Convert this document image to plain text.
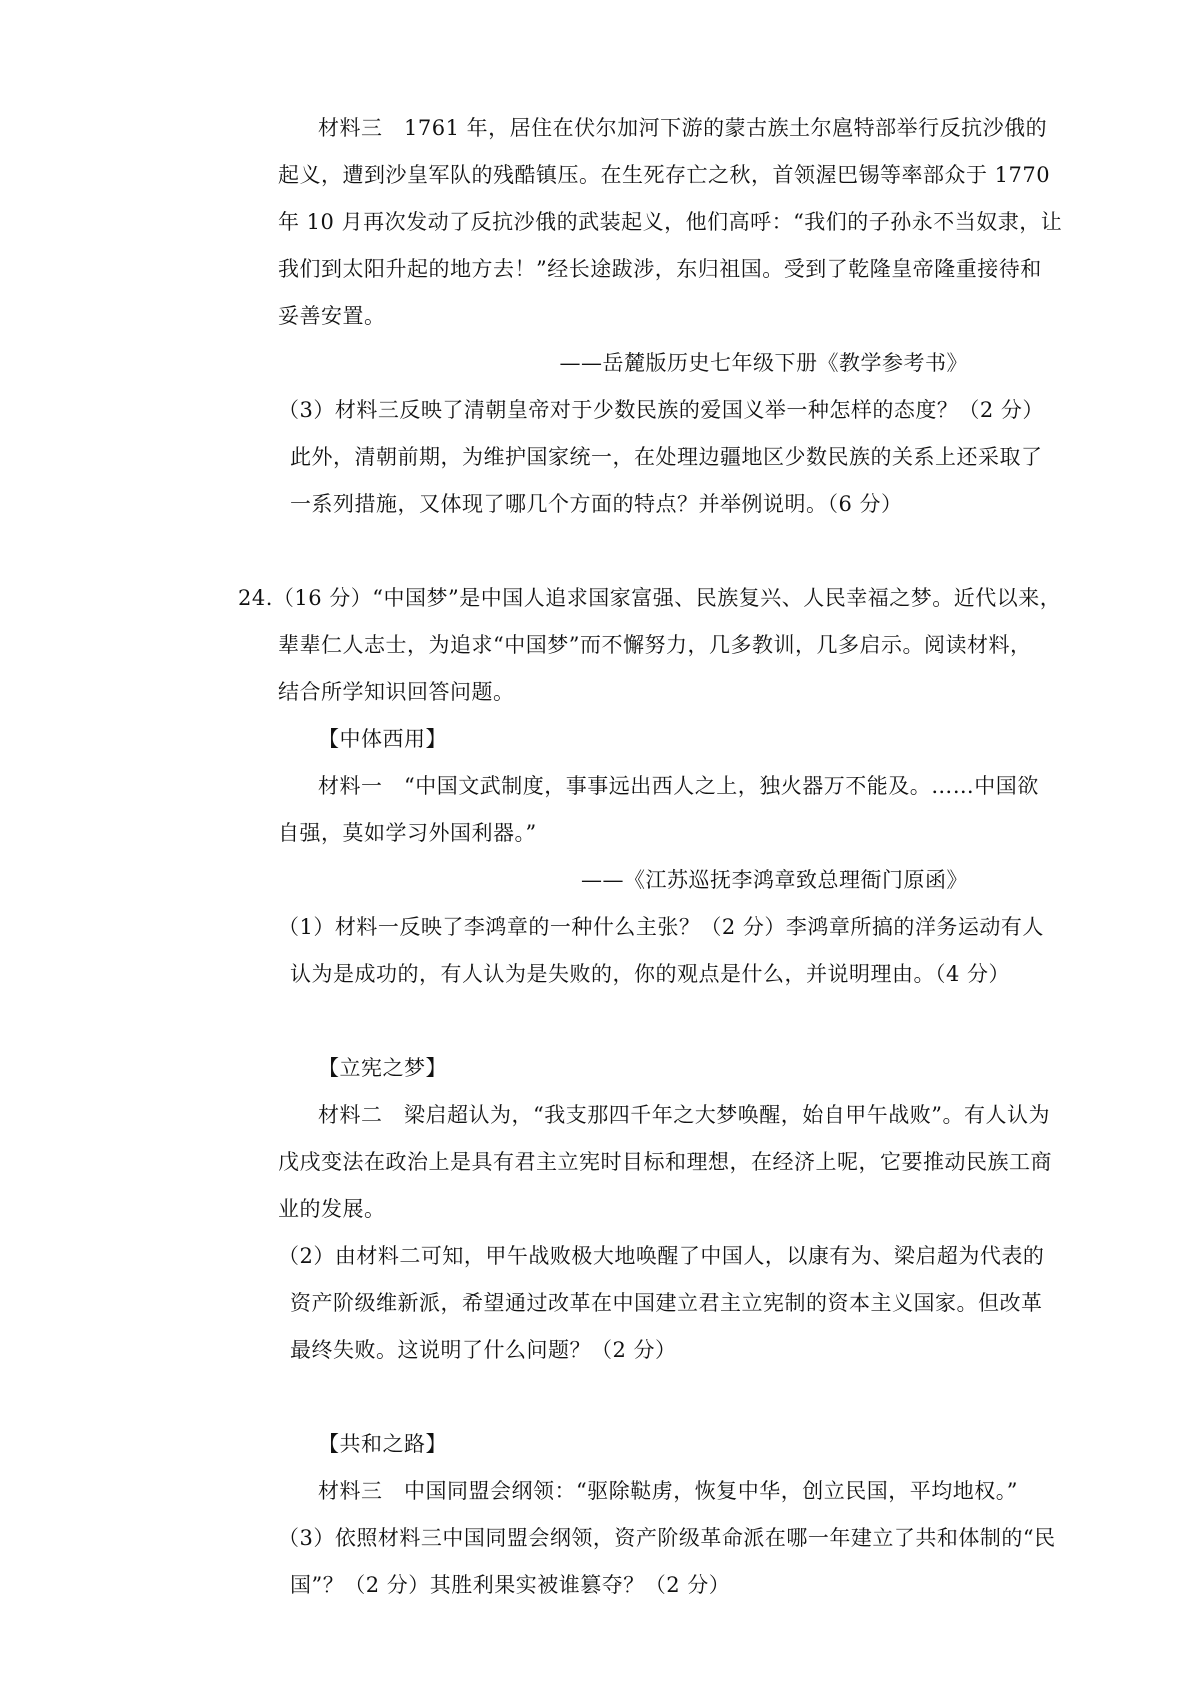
材料三　1761 年，居住在伏尔加河下游的蒙古族土尔扈特部举行反抗沙俄的
起义，遭到沙皇军队的残酷镇压。在生死存亡之秋，首领渥巴锡等率部众于 1770
年 10 月再次发动了反抗沙俄的武装起义，他们高呼：“我们的子孙永不当奴隶，让
我们到太阳升起的地方去！”经长途跋涉，东归祖国。受到了乾隆皇帝隆重接待和
妥善安置。
——岳麓版历史七年级下册《教学参考书》
（3）材料三反映了清朝皇帝对于少数民族的爱国义举一种怎样的态度？（2 分）
此外，清朝前期，为维护国家统一，在处理边疆地区少数民族的关系上还采取了
一系列措施，又体现了哪几个方面的特点？并举例说明。（6 分）
24.（16 分）“中国梦”是中国人追求国家富强、民族复兴、人民幸福之梦。近代以来，
辈辈仁人志士，为追求“中国梦”而不懈努力，几多教训，几多启示。阅读材料，
结合所学知识回答问题。
【中体西用】
材料一　“中国文武制度，事事远出西人之上，独火器万不能及。……中国欲
自强，莫如学习外国利器。”
——《江苏巡抚李鸿章致总理衙门原函》
（1）材料一反映了李鸿章的一种什么主张？（2 分）李鸿章所搞的洋务运动有人
认为是成功的，有人认为是失败的，你的观点是什么，并说明理由。（4 分）
【立宪之梦】
材料二　梁启超认为，“我支那四千年之大梦唤醒，始自甲午战败”。有人认为
戊戌变法在政治上是具有君主立宪时目标和理想，在经济上呢，它要推动民族工商
业的发展。
（2）由材料二可知，甲午战败极大地唤醒了中国人，以康有为、梁启超为代表的
资产阶级维新派，希望通过改革在中国建立君主立宪制的资本主义国家。但改革
最终失败。这说明了什么问题？（2 分）
【共和之路】
材料三　中国同盟会纲领：“驱除鞑虏，恢复中华，创立民国，平均地权。”
（3）依照材料三中国同盟会纲领，资产阶级革命派在哪一年建立了共和体制的“民
国”？（2 分）其胜利果实被谁篡夺？（2 分）
